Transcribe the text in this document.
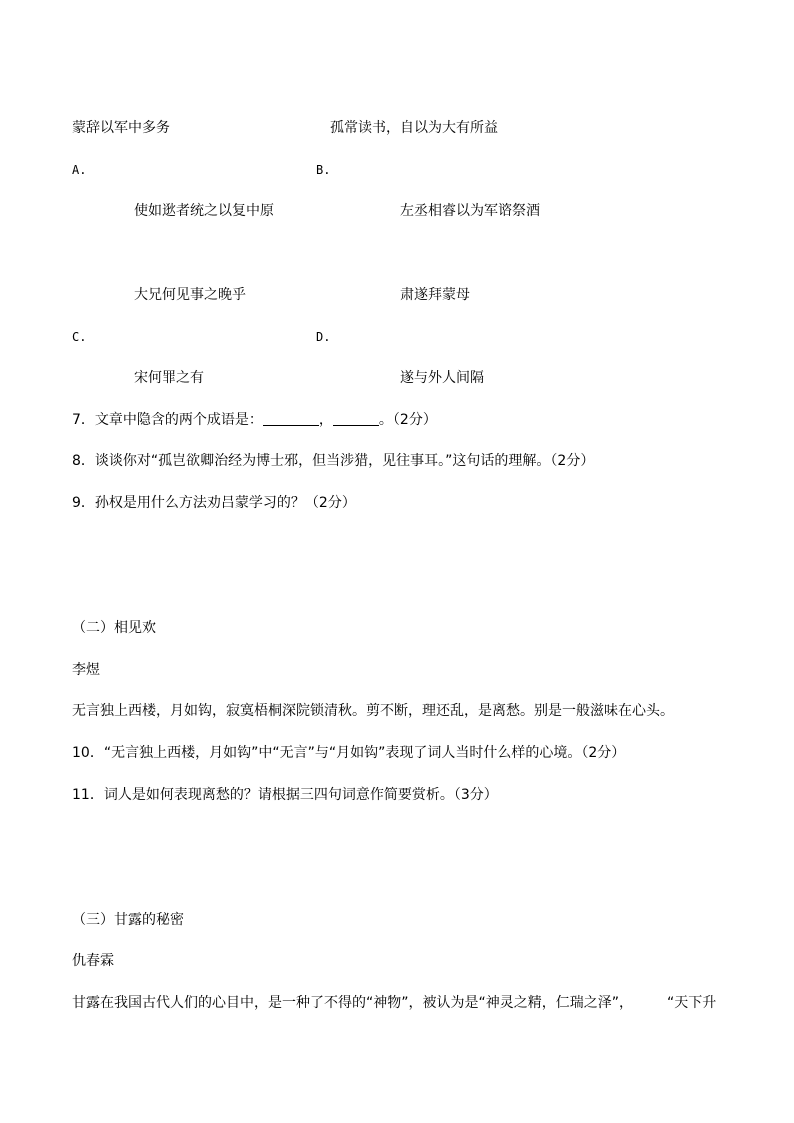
蒙辞以军中多务	孤常读书，自以为大有所益
A.	B.
使如逖者统之以复中原	左丞相睿以为军谘祭酒
大兄何见事之晚乎	肃遂拜蒙母
C.	D.
宋何罪之有	遂与外人间隔
7．文章中隐含的两个成语是：	，	。（2分）
8．谈谈你对“孤岂欲卿治经为博士邪，但当涉猎，见往事耳。”这句话的理解。（2分）
9．孙权是用什么方法劝吕蒙学习的？（2分）
（二）相见欢
李煜
无言独上西楼，月如钩，寂寞梧桐深院锁清秋。剪不断，理还乱，是离愁。别是一般滋味在心头。
10．“无言独上西楼，月如钩”中“无言”与“月如钩”表现了词人当时什么样的心境。（2分）
11．词人是如何表现离愁的？请根据三四句词意作简要赏析。（3分）
（三）甘露的秘密
仇春霖
甘露在我国古代人们的心目中，是一种了不得的“神物”，被认为是“神灵之精，仁瑞之泽”， “天下升
